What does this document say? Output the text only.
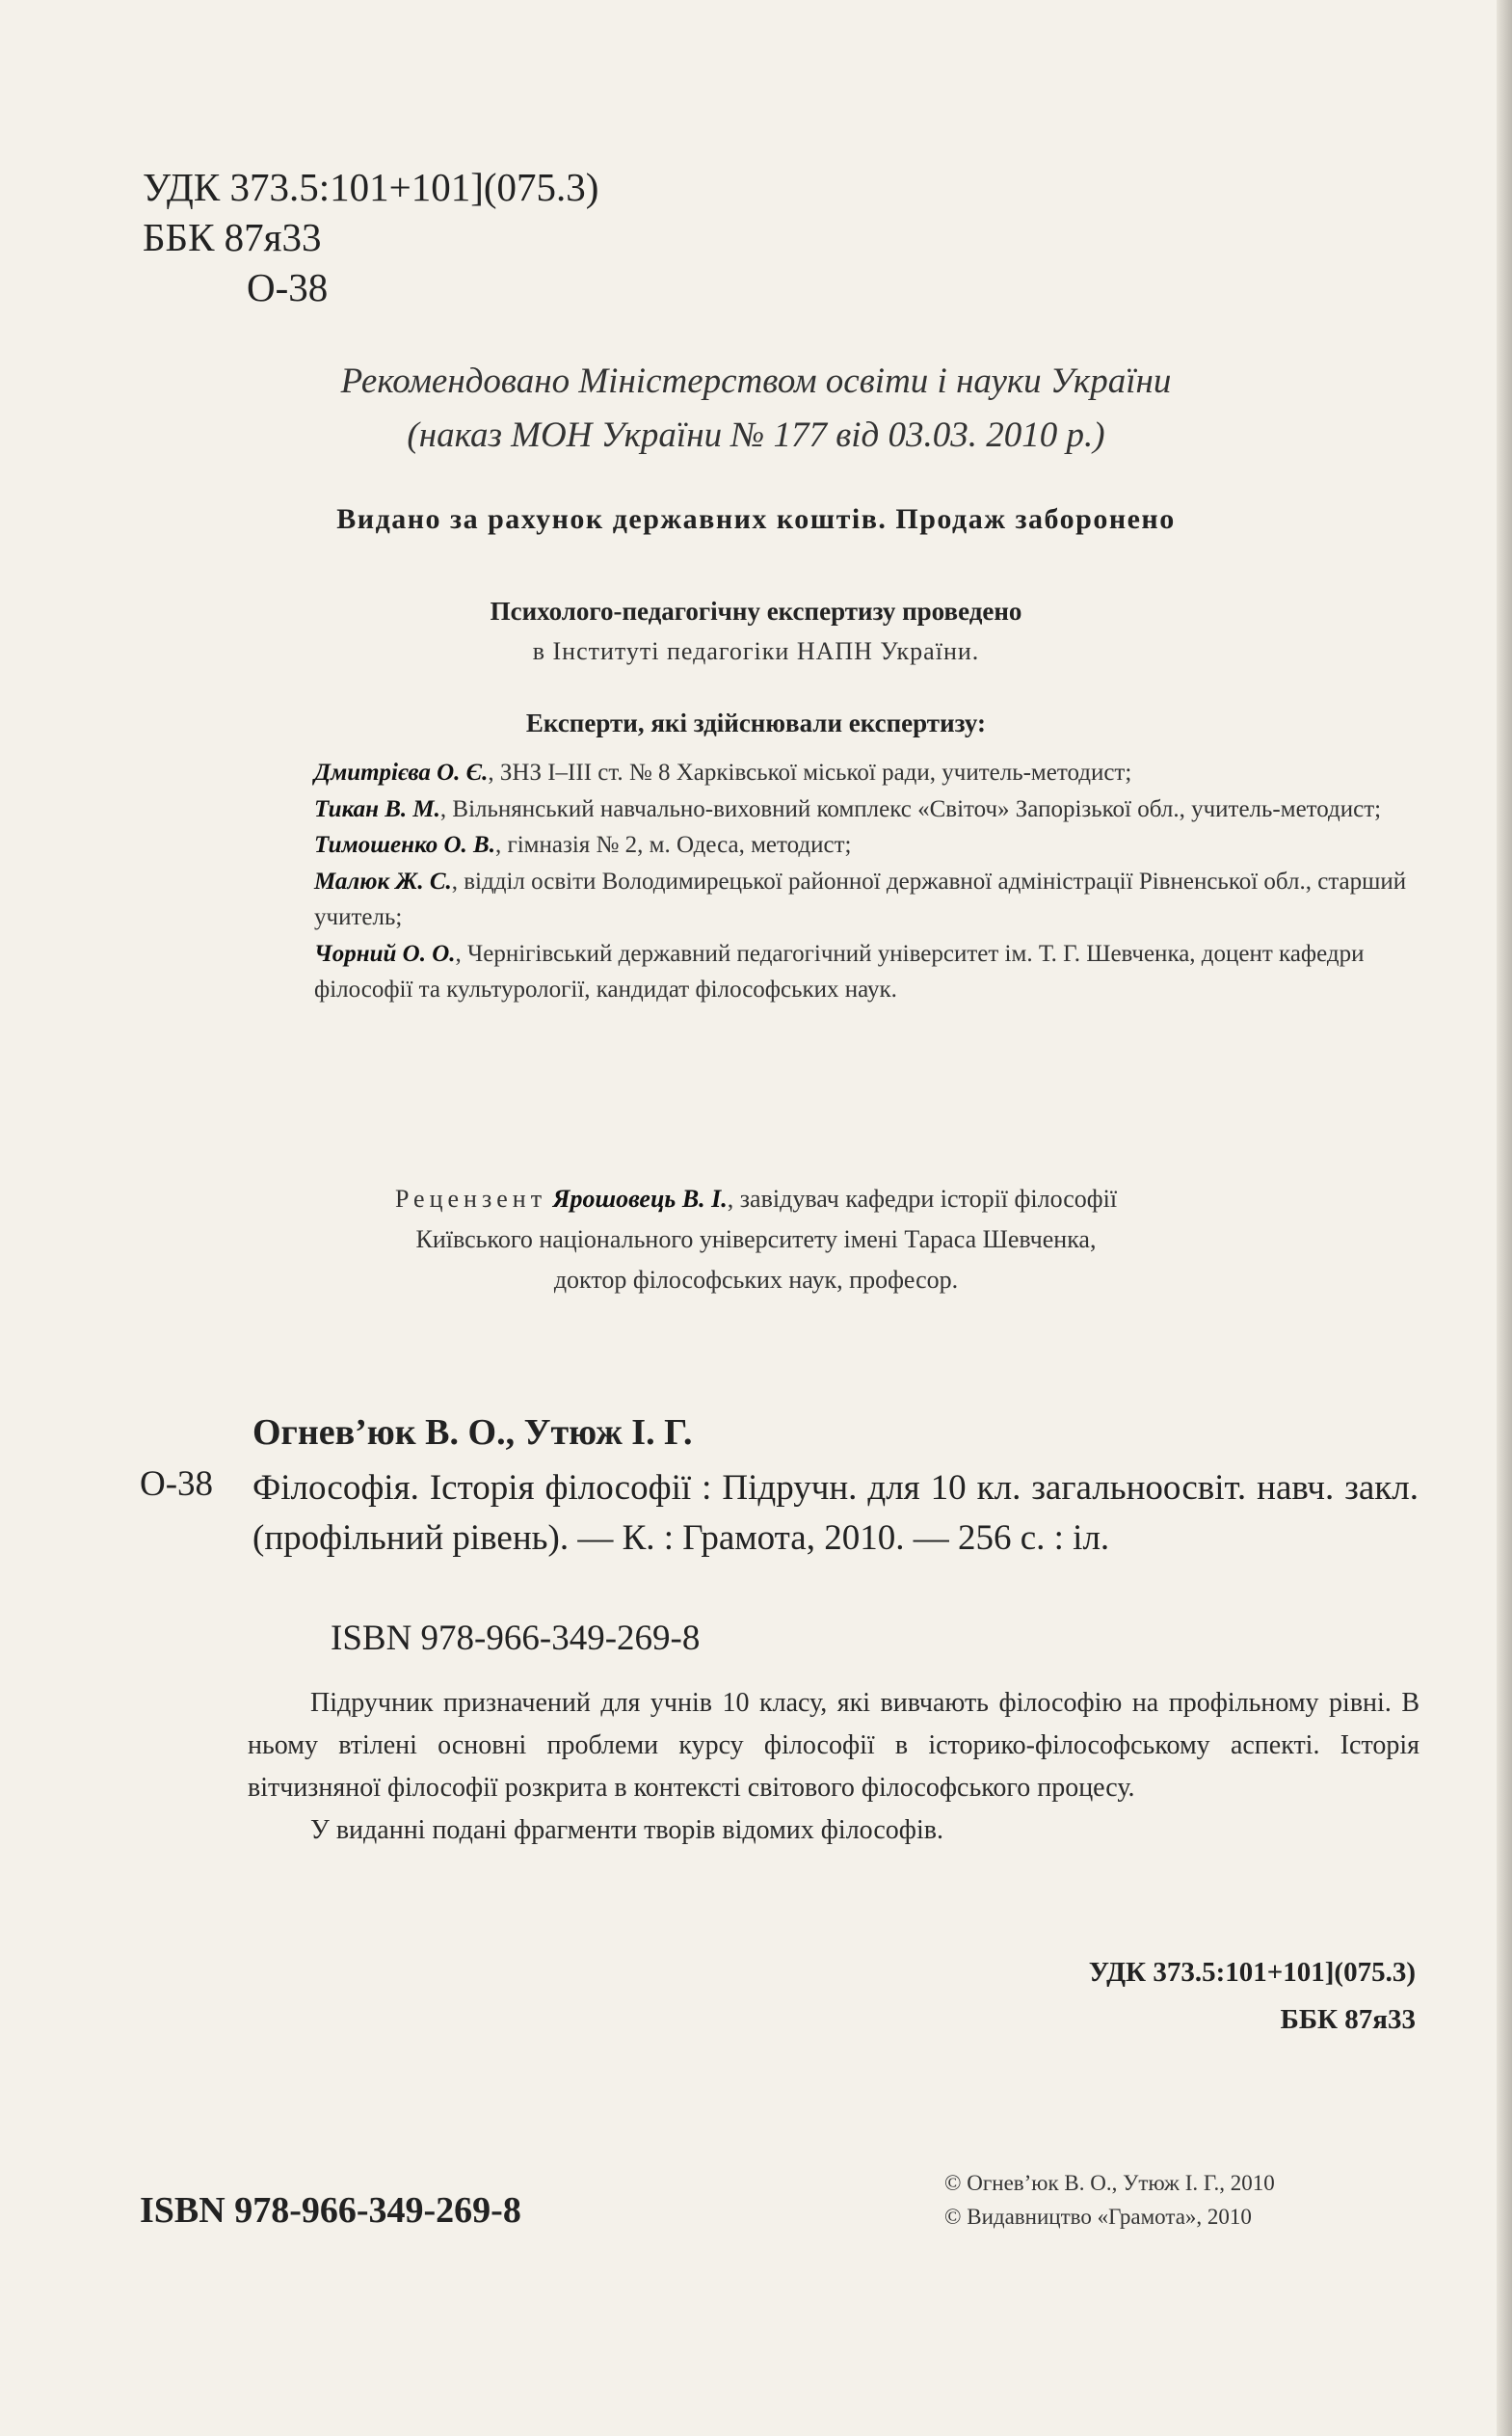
УДК 373.5:101+101](075.3)
ББК 87я33
О-38
Рекомендовано Міністерством освіти і науки України
(наказ МОН України № 177 від 03.03. 2010 р.)
Видано за рахунок державних коштів. Продаж заборонено
Психолого-педагогічну експертизу проведено
в Інституті педагогіки НАПН України.
Експерти, які здійснювали експертизу:

Дмитрієва О. Є., ЗНЗ І–ІІІ ст. № 8 Харківської міської ради, учитель-методист;

Тикан В. М., Вільнянський навчально-виховний комплекс «Світоч» Запорізької обл., учитель-методист;

Тимошенко О. В., гімназія № 2, м. Одеса, методист;

Малюк Ж. С., відділ освіти Володимирецької районної державної адміністрації Рівненської обл., старший учитель;

Чорний О. О., Чернігівський державний педагогічний університет ім. Т. Г. Шевченка, доцент кафедри філософії та культурології, кандидат філософських наук.

Рецензент Ярошовець В. І., завідувач кафедри історії філософії
Київського національного університету імені Тараса Шевченка,
доктор філософських наук, професор.
Огнев’юк В. О., Утюж І. Г.
О-38 Філософія. Історія філософії : Підручн. для 10 кл. загальноосвіт. навч. закл. (профільний рівень). — К. : Грамота, 2010. — 256 с. : іл.
ISBN 978-966-349-269-8

Підручник призначений для учнів 10 класу, які вивчають філософію на профільному рівні. В ньому втілені основні проблеми курсу філософії в історико-філософському аспекті. Історія вітчизняної філософії розкрита в контексті світового філософського процесу.

У виданні подані фрагменти творів відомих філософів.

УДК 373.5:101+101](075.3)
ББК 87я33
ISBN 978-966-349-269-8
© Огнев’юк В. О., Утюж І. Г., 2010
© Видавництво «Грамота», 2010
